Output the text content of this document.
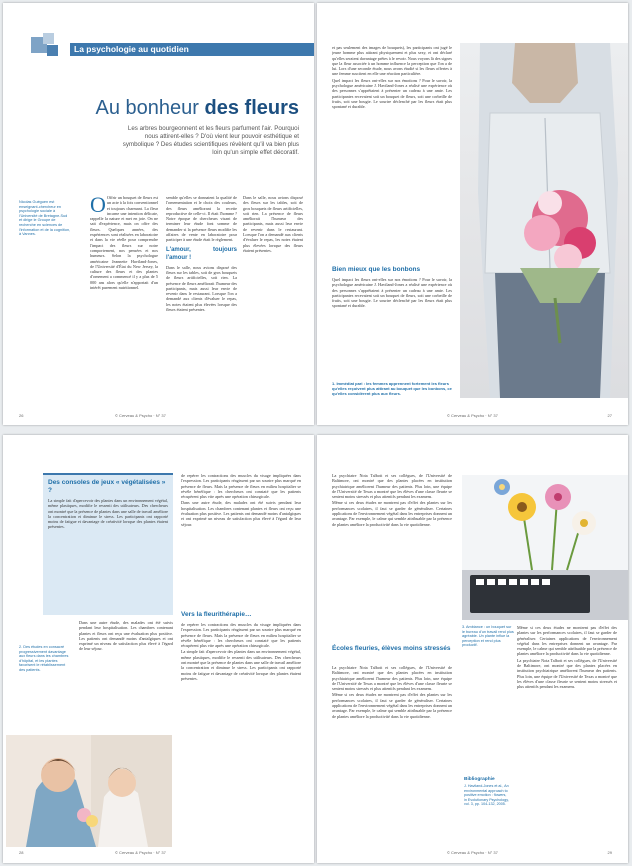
La psychologie au quotidien
Au bonheur des fleurs
Les arbres bourgeonnent et les fleurs parfument l'air. Pourquoi nous attirent-elles ? D'où vient leur pouvoir esthétique et symbolique ? Des études scientifiques révèlent qu'il va bien plus loin qu'un simple effet décoratif.
Nicolas Guéguen est enseignant-chercheur en psychologie sociale à l'Université de Bretagne-Sud et dirige le Groupe de recherche en sciences de l'information et de la cognition, à Vannes.
O Offrir un bouquet de fleurs est un acte à la fois conventionnel et toujours charmant. La fleur incarne une intention délicate, rappelle la nature et met en joie. On ne sait d'expérience, mais on offre des fleurs. Quelques années, des expériences sont réalisées en laboratoire et dans la vie réelle pour comprendre l'impact des fleurs sur notre comportement, nos pensées et nos humeurs. Selon la psychologue américaine Jeannette Haviland-Jones, de l'Université d'État du New Jersey, la culture des fleurs et des plantes d'ornement a commencé il y a plus de 5 000 ans alors qu'elle n'apportait d'un intérêt purement nutritionnel.

semble qu'elles se donnaient la qualité de l'ornementation et le choix des couleurs, des fleurs améliorant la recette reproductive de celle-ci. Il était l'homme ? Notre époque de chercheurs visant de terminer leur étude font somme de demander si la présence fleurs modifie les affaires de vente en laboratoire pour participer à une étude était le règlement.

L'amour, toujours l'amour !

Dans le salle, nous avions disposé des fleurs sur les tables, soit de gros bouquets de fleurs artificielles, soit rien. La présence de fleurs améliorait l'humeur des participants, mais aussi leur envie de revenir dans le restaurant. Lorsque l'on a demandé aux clients d'évaluer le repas, les notes étaient plus élevées lorsque des fleurs étaient présentes.

Dans le salle, nous avions disposé des fleurs sur les tables, soit de gros bouquets de fleurs artificielles, soit rien. La présence de fleurs améliorait l'humeur des participants, mais aussi leur envie de revenir dans le restaurant. Lorsque l'on a demandé aux clients d'évaluer le repas, les notes étaient plus élevées lorsque des fleurs étaient présentes.

26	© Cerveau & Psycho · N° 37

et pas seulement des images de bouquets), les participants ont jugé le jeune homme plus attirant physiquement et plus sexy, et ont déclaré qu'elles seraient davantage prêtes à le revoir. Nous voyons là des signes que la fleur associée à un homme influence la perception que l'on a de lui. Lors d'une seconde étude, nous avons étudié si les fleurs offertes à une femme suscitent en elle une réaction particulière.

Quel impact les fleurs ont-elles sur nos émotions ? Pour le savoir, la psychologue américaine J. Haviland-Jones a réalisé une expérience où des personnes s'apprêtaient à présenter un cadeau à une amie. Les participantes recevaient soit un bouquet de fleurs, soit une corbeille de fruits, soit une bougie. Le sourire déclenché par les fleurs était plus spontané et durable.

Bien mieux que les bonbons

Quel impact les fleurs ont-elles sur nos émotions ? Pour le savoir, la psychologue américaine J. Haviland-Jones a réalisé une expérience où des personnes s'apprêtaient à présenter un cadeau à une amie. Les participantes recevaient soit un bouquet de fleurs, soit une corbeille de fruits, soit une bougie. Le sourire déclenché par les fleurs était plus spontané et durable.

1. Immédiat pari : les femmes apprennent fortement les fleurs qu'elles reçoivent plus attirant au bouquet que les bonbons, ce qu'elles considèrent plus aux fleurs.
27
© Cerveau & Psycho · N° 37

Des consoles de jeux « végétalisées » ?

La simple fait d'apercevoir des plantes dans un environnement végétal, même plastiques, modifie le ressenti des utilisateurs. Des chercheurs ont montré que la présence de plantes dans une salle de travail améliore la concentration et diminue le stress. Les participants ont rapporté moins de fatigue et davantage de créativité lorsque des plantes étaient présentes.

2. Des études en consacré progressivement davantage aux fleurs dans les chambres d'hôpital, et les plantes favorisent le rétablissement des patients.

Dans une autre étude, des malades ont été suivis pendant leur hospitalisation. Les chambres contenant plantes et fleurs ont reçu une évaluation plus positive. Les patients ont demandé moins d'antalgiques et ont exprimé un niveau de satisfaction plus élevé à l'égard de leur séjour.

de repérer les contractions des muscles du visage impliquées dans l'expression. Les participants réagissent par un sourire plus marqué en présence de fleurs. Mais la présence de fleurs en milieu hospitalier se révèle bénéfique : les chercheurs ont constaté que les patients récupèrent plus vite après une opération chirurgicale.

Dans une autre étude, des malades ont été suivis pendant leur hospitalisation. Les chambres contenant plantes et fleurs ont reçu une évaluation plus positive. Les patients ont demandé moins d'antalgiques et ont exprimé un niveau de satisfaction plus élevé à l'égard de leur séjour.

Vers la fleurithérapie…

de repérer les contractions des muscles du visage impliquées dans l'expression. Les participants réagissent par un sourire plus marqué en présence de fleurs. Mais la présence de fleurs en milieu hospitalier se révèle bénéfique : les chercheurs ont constaté que les patients récupèrent plus vite après une opération chirurgicale.

La simple fait d'apercevoir des plantes dans un environnement végétal, même plastiques, modifie le ressenti des utilisateurs. Des chercheurs ont montré que la présence de plantes dans une salle de travail améliore la concentration et diminue le stress. Les participants ont rapporté moins de fatigue et davantage de créativité lorsque des plantes étaient présentes.

28	© Cerveau & Psycho · N° 37

La psychiatre Nota Talbott et ses collègues, de l'Université de Baltimore, ont montré que des plantes placées en institution psychiatrique améliorent l'humeur des patients. Plus loin, une équipe de l'Université de Texas a montré que les élèves d'une classe fleurie se sentent moins stressés et plus attentifs pendant les examens.

Même si ces deux études ne montrent pas d'effet des plantes sur les performances scolaires, il faut se garder de généraliser. Certaines applications de l'environnement végétal dans les entreprises donnent un avantage. Par exemple, le calme qui semble attribuable par la présence de plantes améliore la productivité dans la vie quotidienne.

Écoles fleuries, élèves moins stressés

La psychiatre Nota Talbott et ses collègues, de l'Université de Baltimore, ont montré que des plantes placées en institution psychiatrique améliorent l'humeur des patients. Plus loin, une équipe de l'Université de Texas a montré que les élèves d'une classe fleurie se sentent moins stressés et plus attentifs pendant les examens.

Même si ces deux études ne montrent pas d'effet des plantes sur les performances scolaires, il faut se garder de généraliser. Certaines applications de l'environnement végétal dans les entreprises donnent un avantage. Par exemple, le calme qui semble attribuable par la présence de plantes améliore la productivité dans la vie quotidienne.

3. Ambiance : un bouquet sur le bureau d'un travail rend plus agréable. Un plante influe la perception et rend plus productif.

Même si ces deux études ne montrent pas d'effet des plantes sur les performances scolaires, il faut se garder de généraliser. Certaines applications de l'environnement végétal dans les entreprises donnent un avantage. Par exemple, le calme qui semble attribuable par la présence de plantes améliore la productivité dans la vie quotidienne.

La psychiatre Nota Talbott et ses collègues, de l'Université de Baltimore, ont montré que des plantes placées en institution psychiatrique améliorent l'humeur des patients. Plus loin, une équipe de l'Université de Texas a montré que les élèves d'une classe fleurie se sentent moins stressés et plus attentifs pendant les examens.

Bibliographie

J. Haviland-Jones et al., An environmental approach to positive emotion : flowers, in Evolutionary Psychology, vol. 3, pp. 104-132, 2005.

29
© Cerveau & Psycho · N° 37
